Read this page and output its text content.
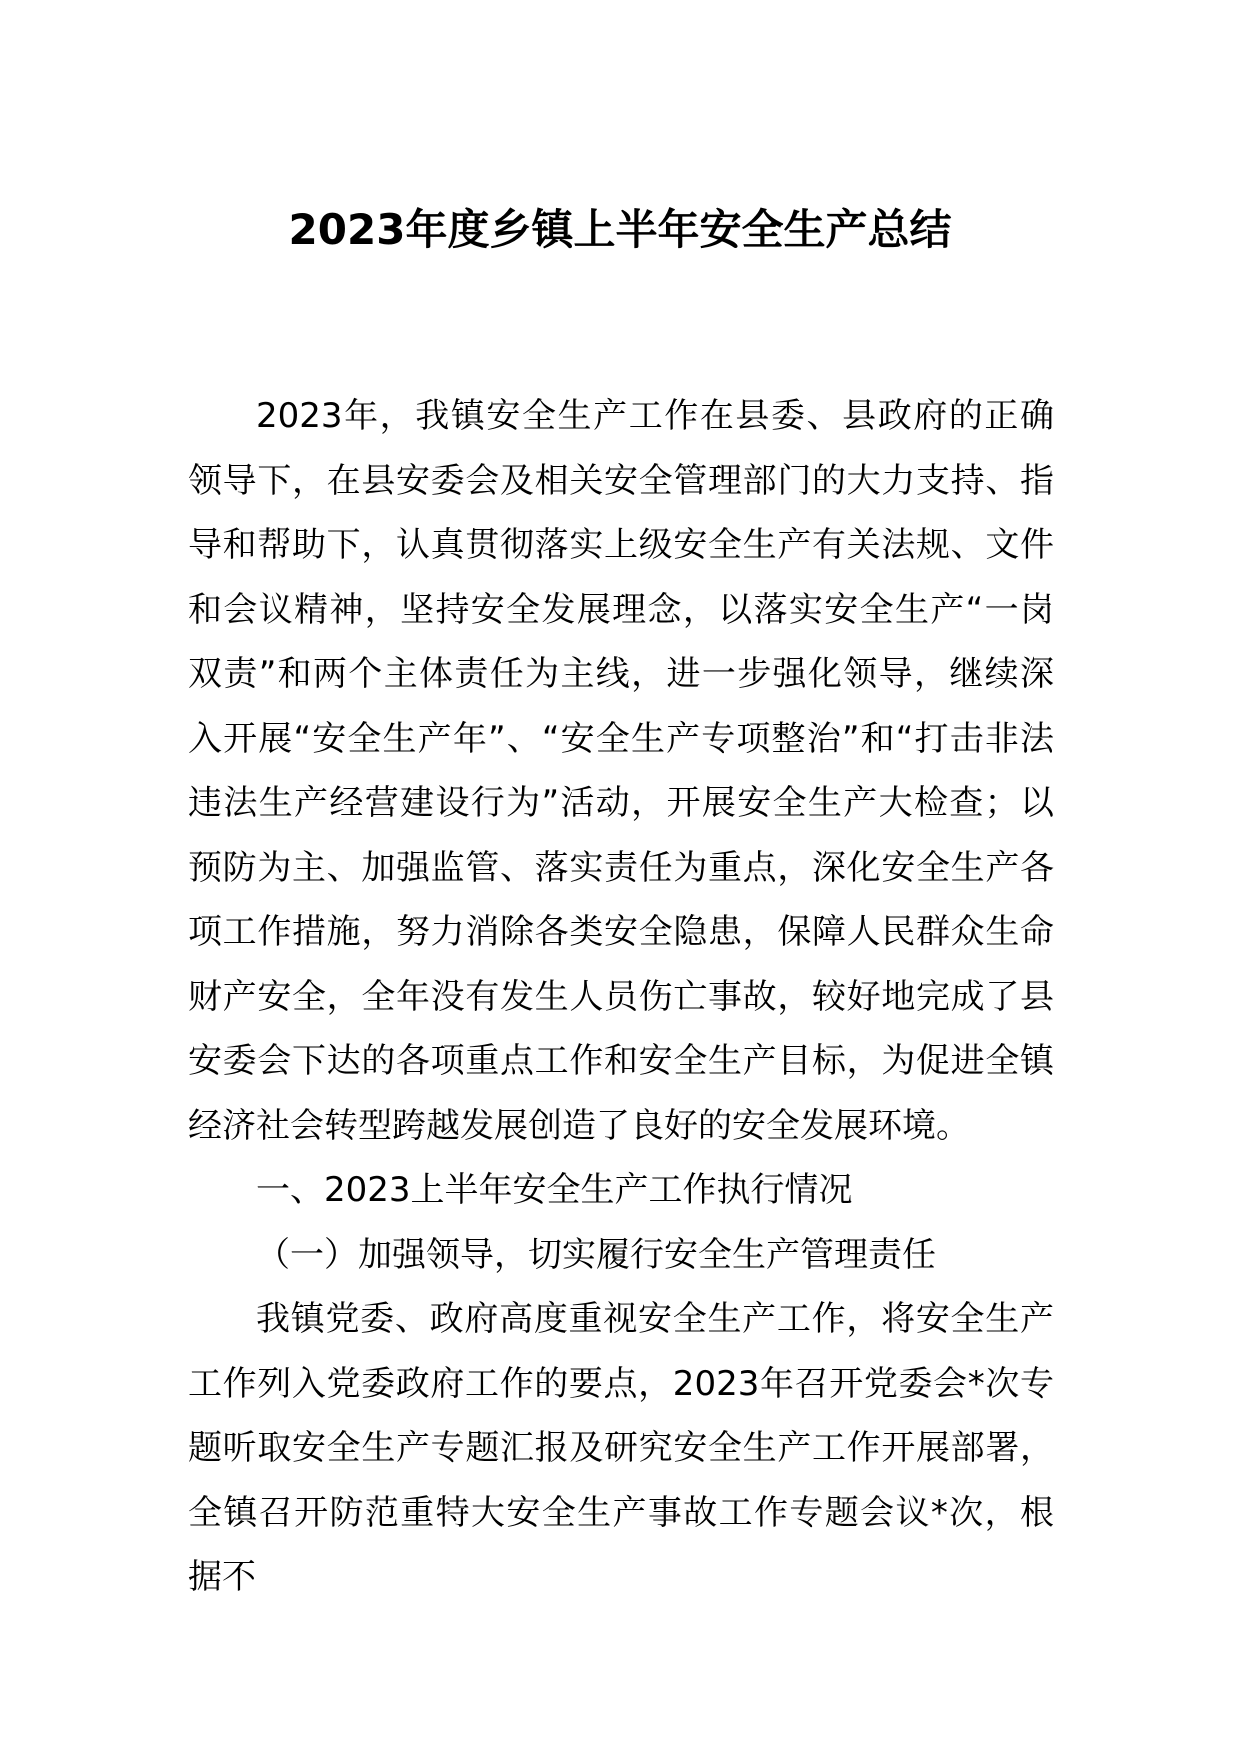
2023年度乡镇上半年安全生产总结

2023年，我镇安全生产工作在县委、县政府的正确领导下，在县安委会及相关安全管理部门的大力支持、指导和帮助下，认真贯彻落实上级安全生产有关法规、文件和会议精神，坚持安全发展理念，以落实安全生产“一岗双责”和两个主体责任为主线，进一步强化领导，继续深入开展“安全生产年”、“安全生产专项整治”和“打击非法违法生产经营建设行为”活动，开展安全生产大检查；以预防为主、加强监管、落实责任为重点，深化安全生产各项工作措施，努力消除各类安全隐患，保障人民群众生命财产安全，全年没有发生人员伤亡事故，较好地完成了县安委会下达的各项重点工作和安全生产目标，为促进全镇经济社会转型跨越发展创造了良好的安全发展环境。

一、2023上半年安全生产工作执行情况

（一）加强领导，切实履行安全生产管理责任

我镇党委、政府高度重视安全生产工作，将安全生产工作列入党委政府工作的要点，2023年召开党委会*次专题听取安全生产专题汇报及研究安全生产工作开展部署，全镇召开防范重特大安全生产事故工作专题会议*次，根据不
